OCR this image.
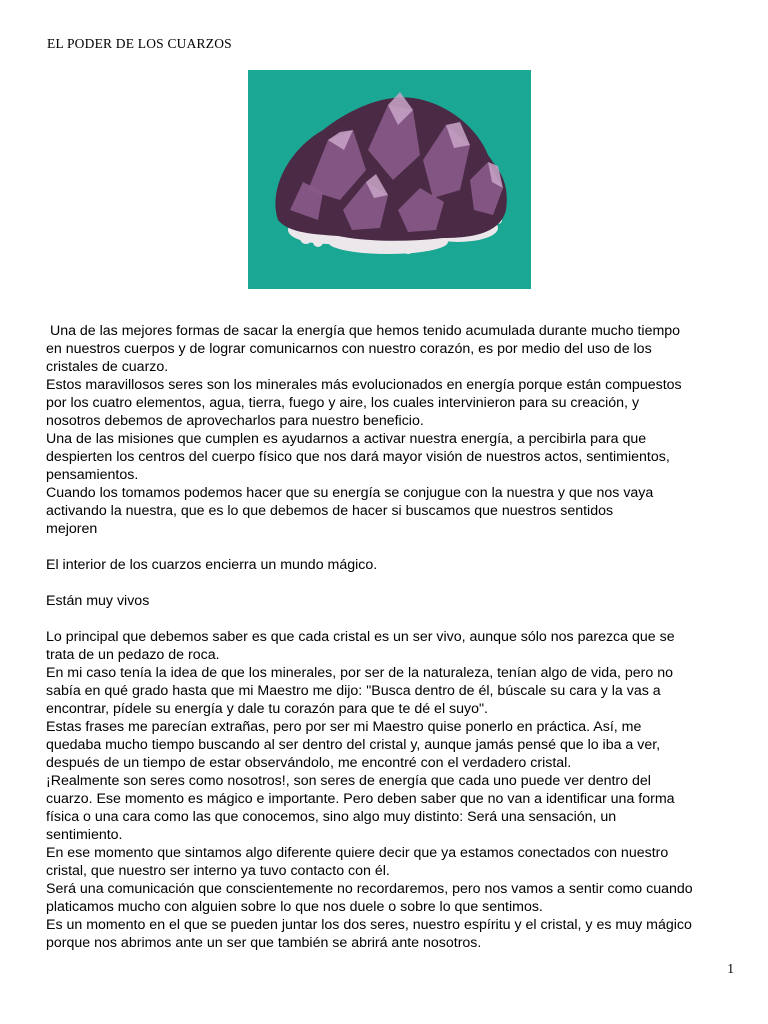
EL PODER DE LOS CUARZOS

Una de las mejores formas de sacar la energía que hemos tenido acumulada durante mucho tiempo

en nuestros cuerpos y de lograr comunicarnos con nuestro corazón, es por medio del uso de los

cristales de cuarzo.

Estos maravillosos seres son los minerales más evolucionados en energía porque están compuestos

por los cuatro elementos, agua, tierra, fuego y aire, los cuales intervinieron para su creación, y

nosotros debemos de aprovecharlos para nuestro beneficio.

Una de las misiones que cumplen es ayudarnos a activar nuestra energía, a percibirla para que

despierten los centros del cuerpo físico que nos dará mayor visión de nuestros actos, sentimientos,

pensamientos.

Cuando los tomamos podemos hacer que su energía se conjugue con la nuestra y que nos vaya

activando la nuestra, que es lo que debemos de hacer si buscamos que nuestros sentidos

mejoren

El interior de los cuarzos encierra un mundo mágico.

Están muy vivos

Lo principal que debemos saber es que cada cristal es un ser vivo, aunque sólo nos parezca que se

trata de un pedazo de roca.

En mi caso tenía la idea de que los minerales, por ser de la naturaleza, tenían algo de vida, pero no

sabía en qué grado hasta que mi Maestro me dijo: "Busca dentro de él, búscale su cara y la vas a

encontrar, pídele su energía y dale tu corazón para que te dé el suyo".

Estas frases me parecían extrañas, pero por ser mi Maestro quise ponerlo en práctica. Así, me

quedaba mucho tiempo buscando al ser dentro del cristal y, aunque jamás pensé que lo iba a ver,

después de un tiempo de estar observándolo, me encontré con el verdadero cristal.

¡Realmente son seres como nosotros!, son seres de energía que cada uno puede ver dentro del

cuarzo. Ese momento es mágico e importante. Pero deben saber que no van a identificar una forma

física o una cara como las que conocemos, sino algo muy distinto: Será una sensación, un

sentimiento.

En ese momento que sintamos algo diferente quiere decir que ya estamos conectados con nuestro

cristal, que nuestro ser interno ya tuvo contacto con él.

Será una comunicación que conscientemente no recordaremos, pero nos vamos a sentir como cuando

platicamos mucho con alguien sobre lo que nos duele o sobre lo que sentimos.

Es un momento en el que se pueden juntar los dos seres, nuestro espíritu y el cristal, y es muy mágico

porque nos abrimos ante un ser que también se abrirá ante nosotros.

1
